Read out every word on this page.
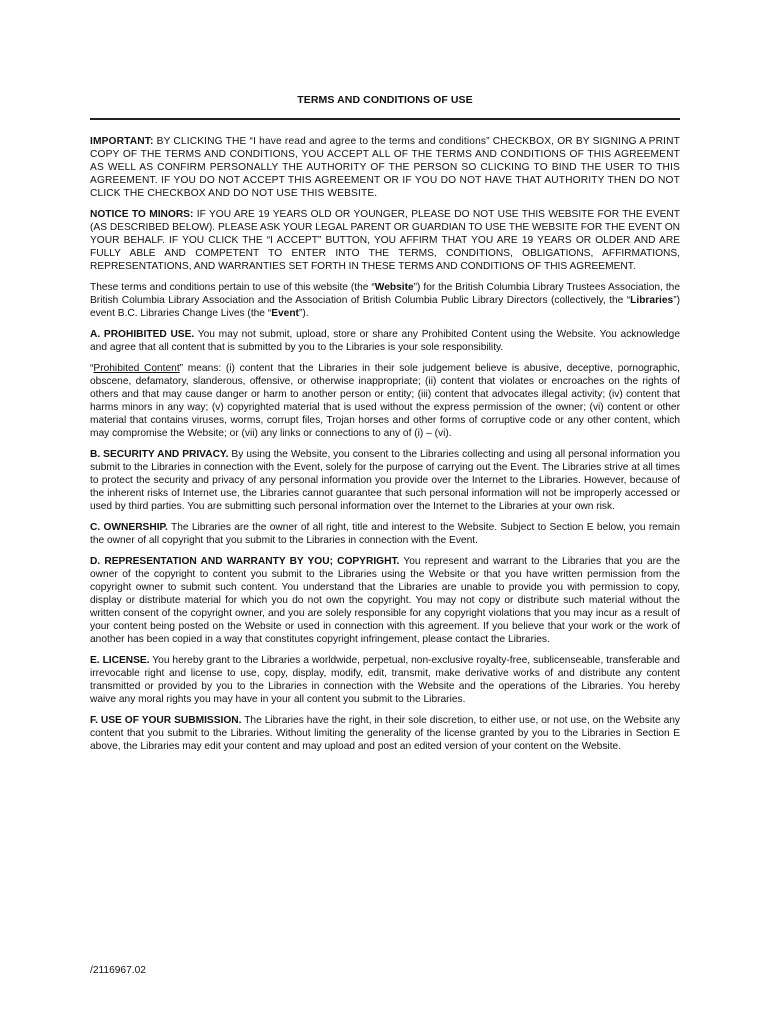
TERMS AND CONDITIONS OF USE

IMPORTANT: BY CLICKING THE “I have read and agree to the terms and conditions” CHECKBOX, OR BY SIGNING A PRINT COPY OF THE TERMS AND CONDITIONS, YOU ACCEPT ALL OF THE TERMS AND CONDITIONS OF THIS AGREEMENT AS WELL AS CONFIRM PERSONALLY THE AUTHORITY OF THE PERSON SO CLICKING TO BIND THE USER TO THIS AGREEMENT. IF YOU DO NOT ACCEPT THIS AGREEMENT OR IF YOU DO NOT HAVE THAT AUTHORITY THEN DO NOT CLICK THE CHECKBOX AND DO NOT USE THIS WEBSITE.

NOTICE TO MINORS: IF YOU ARE 19 YEARS OLD OR YOUNGER, PLEASE DO NOT USE THIS WEBSITE FOR THE EVENT (AS DESCRIBED BELOW). PLEASE ASK YOUR LEGAL PARENT OR GUARDIAN TO USE THE WEBSITE FOR THE EVENT ON YOUR BEHALF. IF YOU CLICK THE “I ACCEPT” BUTTON, YOU AFFIRM THAT YOU ARE 19 YEARS OR OLDER AND ARE FULLY ABLE AND COMPETENT TO ENTER INTO THE TERMS, CONDITIONS, OBLIGATIONS, AFFIRMATIONS, REPRESENTATIONS, AND WARRANTIES SET FORTH IN THESE TERMS AND CONDITIONS OF THIS AGREEMENT.

These terms and conditions pertain to use of this website (the “Website”) for the British Columbia Library Trustees Association, the British Columbia Library Association and the Association of British Columbia Public Library Directors (collectively, the “Libraries”) event B.C. Libraries Change Lives (the “Event”).

A. PROHIBITED USE. You may not submit, upload, store or share any Prohibited Content using the Website. You acknowledge and agree that all content that is submitted by you to the Libraries is your sole responsibility.

“Prohibited Content” means: (i) content that the Libraries in their sole judgement believe is abusive, deceptive, pornographic, obscene, defamatory, slanderous, offensive, or otherwise inappropriate; (ii) content that violates or encroaches on the rights of others and that may cause danger or harm to another person or entity; (iii) content that advocates illegal activity; (iv) content that harms minors in any way; (v) copyrighted material that is used without the express permission of the owner; (vi) content or other material that contains viruses, worms, corrupt files, Trojan horses and other forms of corruptive code or any other content, which may compromise the Website; or (vii) any links or connections to any of (i) – (vi).

B. SECURITY AND PRIVACY. By using the Website, you consent to the Libraries collecting and using all personal information you submit to the Libraries in connection with the Event, solely for the purpose of carrying out the Event. The Libraries strive at all times to protect the security and privacy of any personal information you provide over the Internet to the Libraries. However, because of the inherent risks of Internet use, the Libraries cannot guarantee that such personal information will not be improperly accessed or used by third parties. You are submitting such personal information over the Internet to the Libraries at your own risk.

C. OWNERSHIP. The Libraries are the owner of all right, title and interest to the Website. Subject to Section E below, you remain the owner of all copyright that you submit to the Libraries in connection with the Event.

D. REPRESENTATION AND WARRANTY BY YOU; COPYRIGHT. You represent and warrant to the Libraries that you are the owner of the copyright to content you submit to the Libraries using the Website or that you have written permission from the copyright owner to submit such content. You understand that the Libraries are unable to provide you with permission to copy, display or distribute material for which you do not own the copyright. You may not copy or distribute such material without the written consent of the copyright owner, and you are solely responsible for any copyright violations that you may incur as a result of your content being posted on the Website or used in connection with this agreement. If you believe that your work or the work of another has been copied in a way that constitutes copyright infringement, please contact the Libraries.

E. LICENSE. You hereby grant to the Libraries a worldwide, perpetual, non-exclusive royalty-free, sublicenseable, transferable and irrevocable right and license to use, copy, display, modify, edit, transmit, make derivative works of and distribute any content transmitted or provided by you to the Libraries in connection with the Website and the operations of the Libraries. You hereby waive any moral rights you may have in your all content you submit to the Libraries.

F. USE OF YOUR SUBMISSION. The Libraries have the right, in their sole discretion, to either use, or not use, on the Website any content that you submit to the Libraries. Without limiting the generality of the license granted by you to the Libraries in Section E above, the Libraries may edit your content and may upload and post an edited version of your content on the Website.

/2116967.02
